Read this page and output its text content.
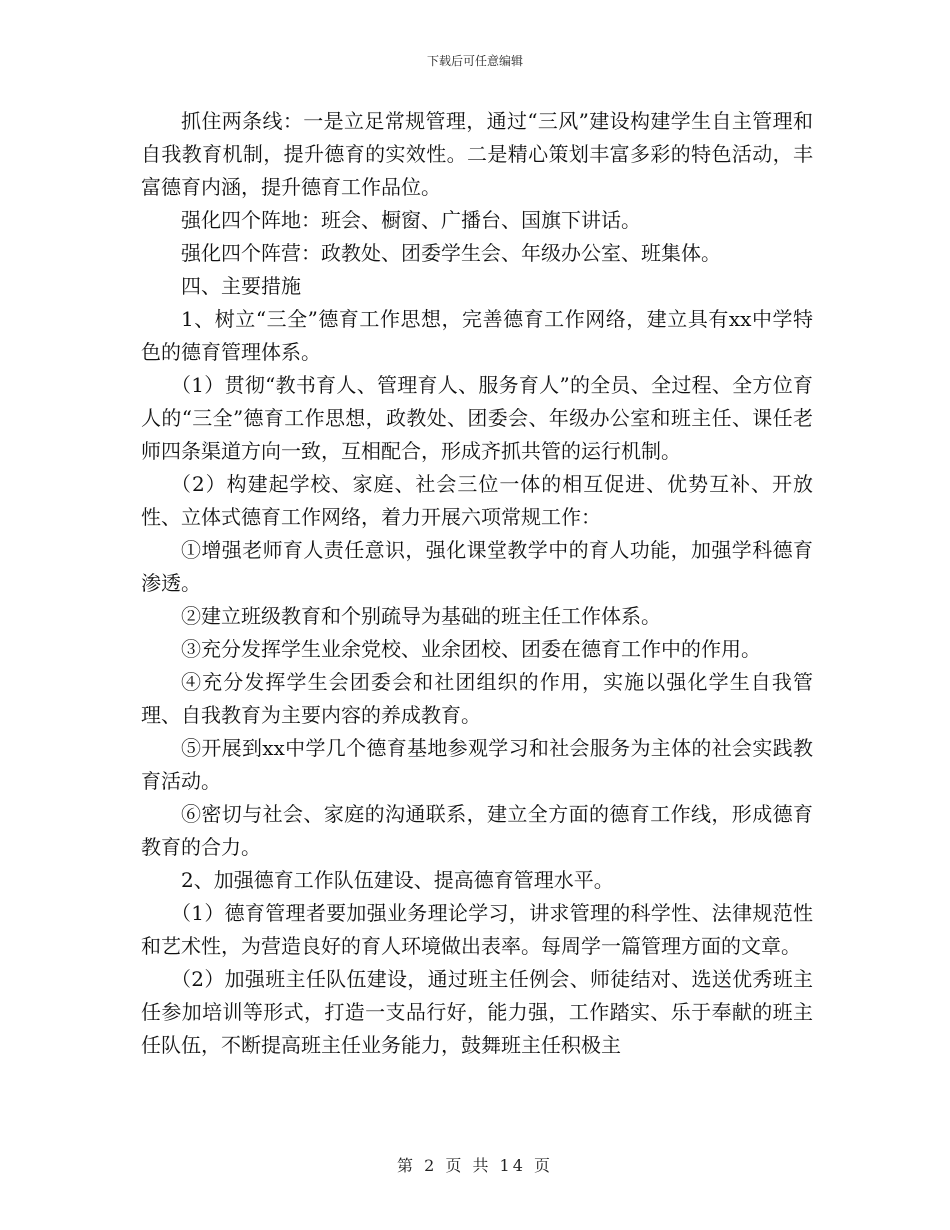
下载后可任意编辑

抓住两条线：一是立足常规管理，通过“三风”建设构建学生自主管理和自我教育机制，提升德育的实效性。二是精心策划丰富多彩的特色活动，丰富德育内涵，提升德育工作品位。

强化四个阵地：班会、橱窗、广播台、国旗下讲话。

强化四个阵营：政教处、团委学生会、年级办公室、班集体。

四、主要措施

1、树立“三全”德育工作思想，完善德育工作网络，建立具有xx中学特色的德育管理体系。

（1）贯彻“教书育人、管理育人、服务育人”的全员、全过程、全方位育人的“三全”德育工作思想，政教处、团委会、年级办公室和班主任、课任老师四条渠道方向一致，互相配合，形成齐抓共管的运行机制。

（2）构建起学校、家庭、社会三位一体的相互促进、优势互补、开放性、立体式德育工作网络，着力开展六项常规工作：

①增强老师育人责任意识，强化课堂教学中的育人功能，加强学科德育渗透。

②建立班级教育和个别疏导为基础的班主任工作体系。

③充分发挥学生业余党校、业余团校、团委在德育工作中的作用。

④充分发挥学生会团委会和社团组织的作用，实施以强化学生自我管理、自我教育为主要内容的养成教育。

⑤开展到xx中学几个德育基地参观学习和社会服务为主体的社会实践教育活动。

⑥密切与社会、家庭的沟通联系，建立全方面的德育工作线，形成德育教育的合力。

2、加强德育工作队伍建设、提高德育管理水平。

（1）德育管理者要加强业务理论学习，讲求管理的科学性、法律规范性和艺术性，为营造良好的育人环境做出表率。每周学一篇管理方面的文章。

（2）加强班主任队伍建设，通过班主任例会、师徒结对、选送优秀班主任参加培训等形式，打造一支品行好，能力强，工作踏实、乐于奉献的班主任队伍，不断提高班主任业务能力，鼓舞班主任积极主

第 2 页 共 14 页
